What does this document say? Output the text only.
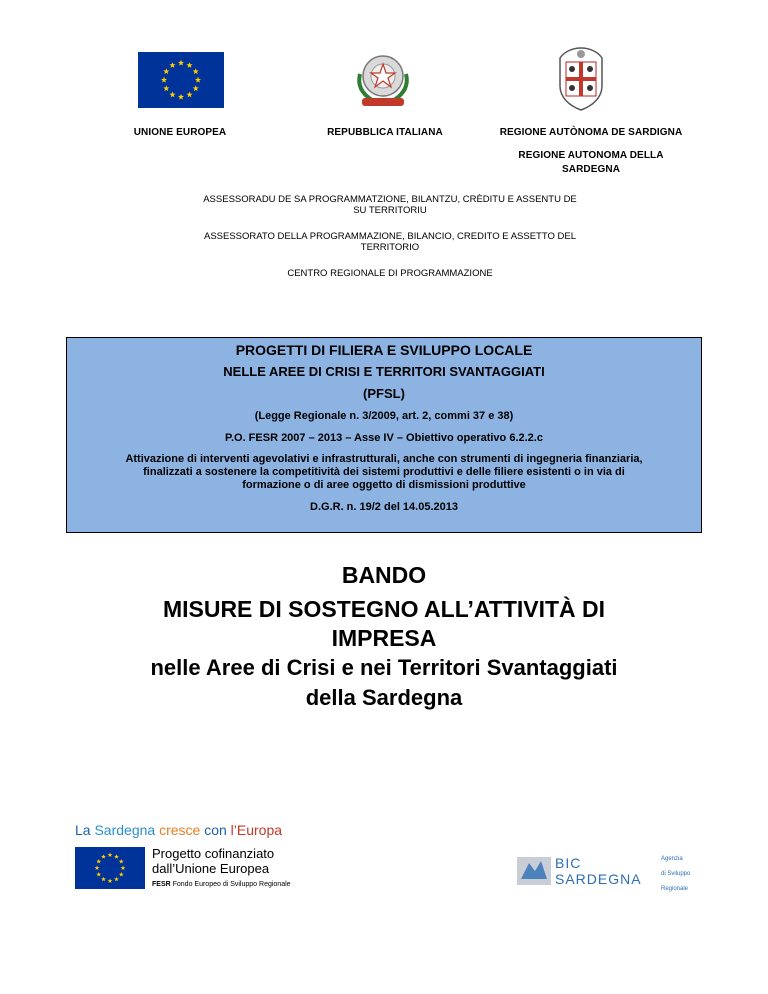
UNIONE EUROPEA	REPUBBLICA ITALIANA	REGIONE AUTÒNOMA DE SARDIGNA
REGIONE AUTONOMA DELLA
SARDEGNA
ASSESSORADU DE SA PROGRAMMATZIONE, BILANTZU, CRÈDITU E ASSENTU DE
SU TERRITORIU
ASSESSORATO DELLA PROGRAMMAZIONE, BILANCIO, CREDITO E ASSETTO DEL
TERRITORIO
CENTRO REGIONALE DI PROGRAMMAZIONE
PROGETTI DI FILIERA E SVILUPPO LOCALE
NELLE AREE DI CRISI E TERRITORI SVANTAGGIATI
(PFSL)
(Legge Regionale n. 3/2009, art. 2, commi 37 e 38)
P.O. FESR 2007 – 2013 – Asse IV – Obiettivo operativo 6.2.2.c
Attivazione di interventi agevolativi e infrastrutturali, anche con strumenti di ingegneria finanziaria,
finalizzati a sostenere la competitività dei sistemi produttivi e delle filiere esistenti o in via di
formazione o di aree oggetto di dismissioni produttive
D.G.R. n. 19/2 del 14.05.2013
BANDO
MISURE DI SOSTEGNO ALL’ATTIVITÀ DI
IMPRESA
nelle Aree di Crisi e nei Territori Svantaggiati
della Sardegna
La Sardegna cresce con l’Europa
Progetto cofinanziato
dall’Unione Europea
FESR Fondo Europeo di Sviluppo Regionale
BIC
SARDEGNA
Agenzia
di Sviluppo
Regionale
